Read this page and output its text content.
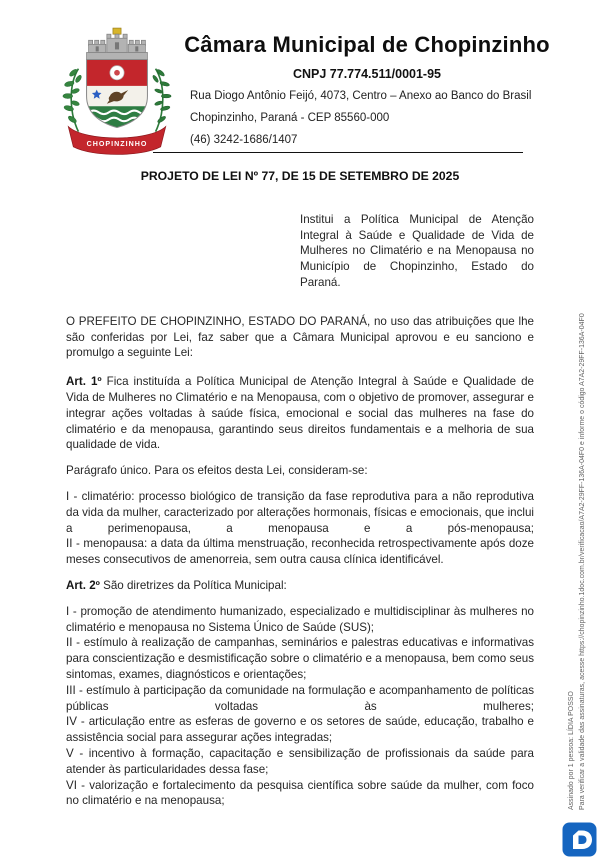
CHOPINZINHO
Câmara Municipal de Chopinzinho
CNPJ 77.774.511/0001-95
Rua Diogo Antônio Feijó, 4073, Centro – Anexo ao Banco do Brasil
Chopinzinho, Paraná - CEP 85560-000
(46) 3242-1686/1407
PROJETO DE LEI Nº 77, DE 15 DE SETEMBRO DE 2025

Institui a Política Municipal de Atenção Integral à Saúde e Qualidade de Vida de Mulheres no Climatério e na Menopausa no Município de Chopinzinho, Estado do Paraná.

O PREFEITO DE CHOPINZINHO, ESTADO DO PARANÁ, no uso das atribuições que lhe são conferidas por Lei, faz saber que a Câmara Municipal aprovou e eu sanciono e promulgo a seguinte Lei:

Art. 1º Fica instituída a Política Municipal de Atenção Integral à Saúde e Qualidade de Vida de Mulheres no Climatério e na Menopausa, com o objetivo de promover, assegurar e integrar ações voltadas à saúde física, emocional e social das mulheres na fase do climatério e da menopausa, garantindo seus direitos fundamentais e a melhoria de sua qualidade de vida.

Parágrafo único. Para os efeitos desta Lei, consideram-se:

I - climatério: processo biológico de transição da fase reprodutiva para a não reprodutiva da vida da mulher, caracterizado por alterações hormonais, físicas e emocionais, que inclui a perimenopausa, a menopausa e a pós-menopausa;
II - menopausa: a data da última menstruação, reconhecida retrospectivamente após doze meses consecutivos de amenorreia, sem outra causa clínica identificável.

Art. 2º São diretrizes da Política Municipal:

I - promoção de atendimento humanizado, especializado e multidisciplinar às mulheres no climatério e menopausa no Sistema Único de Saúde (SUS);
II - estímulo à realização de campanhas, seminários e palestras educativas e informativas para conscientização e desmistificação sobre o climatério e a menopausa, bem como seus sintomas, exames, diagnósticos e orientações;
III - estímulo à participação da comunidade na formulação e acompanhamento de políticas públicas voltadas às mulheres;
IV - articulação entre as esferas de governo e os setores de saúde, educação, trabalho e assistência social para assegurar ações integradas;
V - incentivo à formação, capacitação e sensibilização de profissionais da saúde para atender às particularidades dessa fase;
VI - valorização e fortalecimento da pesquisa científica sobre saúde da mulher, com foco no climatério e na menopausa;	Assinado por 1 pessoa: LÍDIA POSSO Para verificar a validade das assinaturas, acesse https://chopinzinho.1doc.com.br/verificacao/A7A2-29FF-136A-04F0 e informe o código A7A2-29FF-136A-04F0
